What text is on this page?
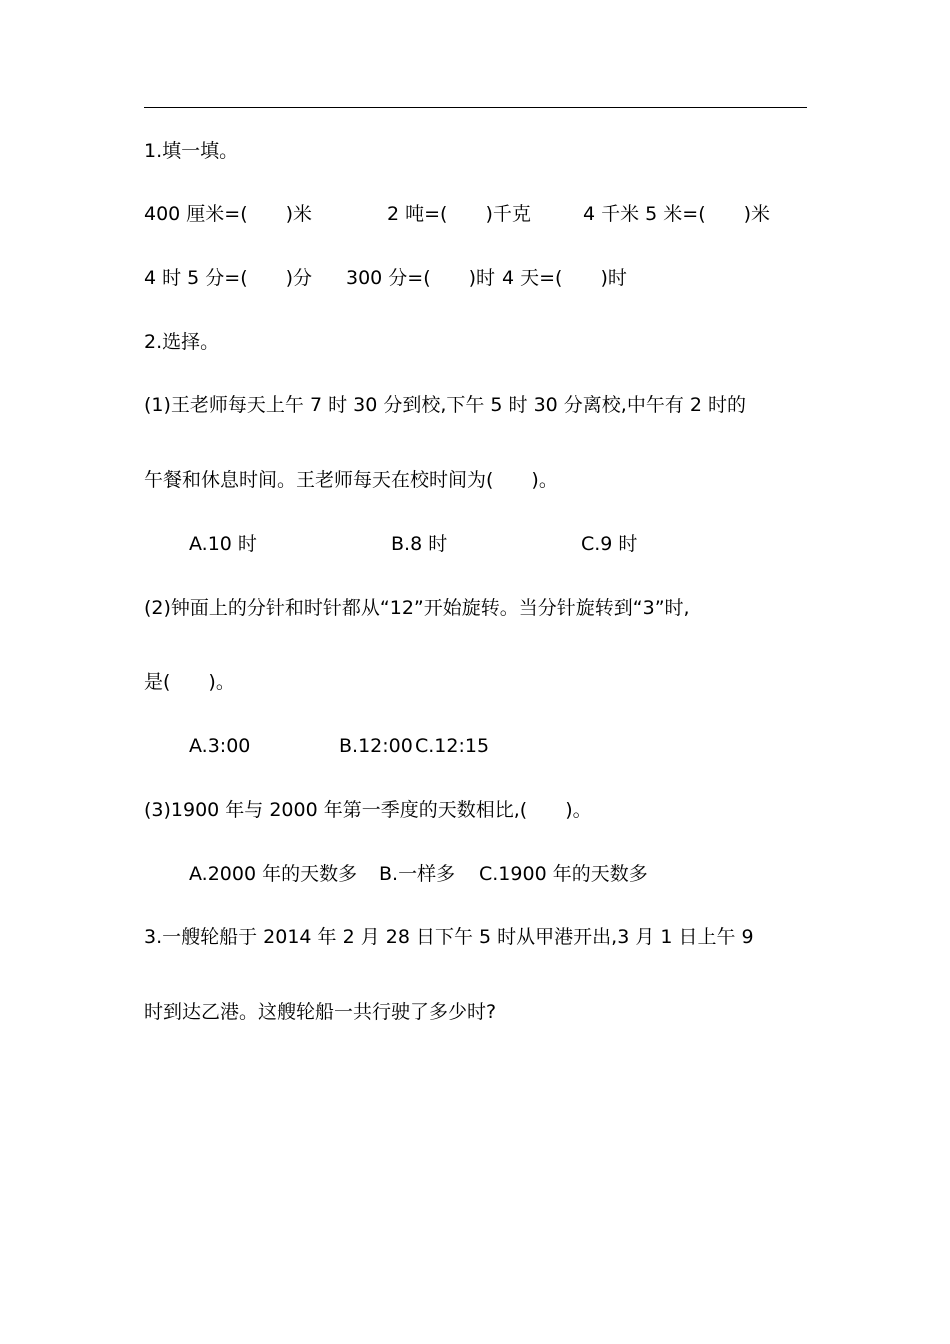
1.填一填。
400 厘米=(　　)米	2 吨=(　　)千克	4 千米 5 米=(　　)米
4 时 5 分=(　　)分 300 分=(　　)时 4 天=(　　)时
2.选择。
(1)王老师每天上午 7 时 30 分到校,下午 5 时 30 分离校,中午有 2 时的
午餐和休息时间。王老师每天在校时间为(　　)。
A.10 时	B.8 时	C.9 时
(2)钟面上的分针和时针都从“12”开始旋转。当分针旋转到“3”时,
是(　　)。
A.3:00	B.12:00 C.12:15
(3)1900 年与 2000 年第一季度的天数相比,(　　)。
A.2000 年的天数多 B.一样多 C.1900 年的天数多
3.一艘轮船于 2014 年 2 月 28 日下午 5 时从甲港开出,3 月 1 日上午 9
时到达乙港。这艘轮船一共行驶了多少时?
